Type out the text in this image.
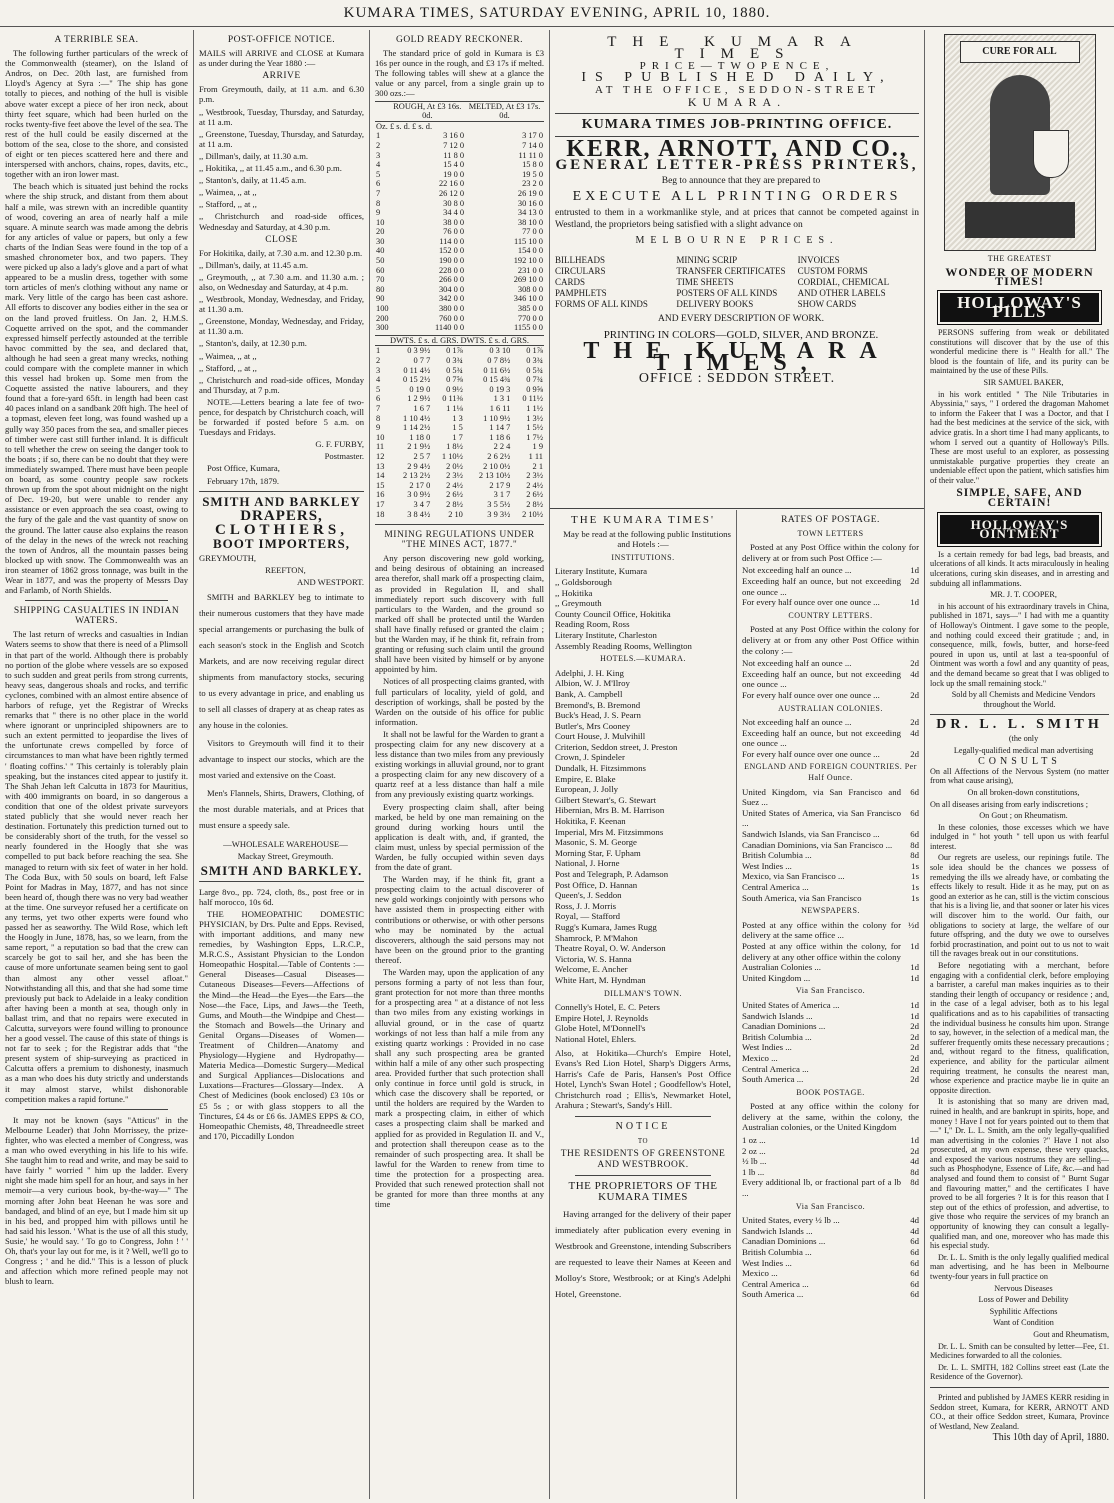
KUMARA TIMES, SATURDAY EVENING, APRIL 10, 1880.
A TERRIBLE SEA.

The following further particulars of the wreck of the Commonwealth (steamer), on the Island of Andros, on Dec. 20th last, are furnished from Lloyd's Agency at Syra :—" The ship has gone totally to pieces, and nothing of the hull is visible above water except a piece of her iron neck, about thirty feet square, which had been hurled on the rocks twenty-five feet above the level of the sea. The rest of the hull could be easily discerned at the bottom of the sea, close to the shore, and consisted of eight or ten pieces scattered here and there and interspersed with anchors, chains, ropes, davits, etc., together with an iron lower mast.

The beach which is situated just behind the rocks where the ship struck, and distant from them about half a mile, was strewn with an incredible quantity of wood, covering an area of nearly half a mile square. A minute search was made among the debris for any articles of value or papers, but only a few charts of the Indian Seas were found in the top of a smashed chronometer box, and two papers. They were picked up also a lady's glove and a part of what appeared to be a muslin dress, together with some torn articles of men's clothing without any name or mark. Very little of the cargo has been cast ashore. All efforts to discover any bodies either in the sea or on the land proved fruitless. On Jan. 2, H.M.S. Coquette arrived on the spot, and the commander expressed himself perfectly astounded at the terrible havoc committed by the sea, and declared that, although he had seen a great many wrecks, nothing could compare with the complete manner in which this vessel had broken up. Some men from the Coquette assisted the native labourers, and they found that a fore-yard 65ft. in length had been cast 40 paces inland on a sandbank 20ft high. The heel of a topmast, eleven feet long, was found washed up a gully way 350 paces from the sea, and smaller pieces of timber were cast still further inland. It is difficult to tell whether the crew on seeing the danger took to the boats ; if so, there can be no doubt that they were immediately swamped. There must have been people on board, as some country people saw rockets thrown up from the spot about midnight on the night of Dec. 19-20, but were unable to render any assistance or even approach the sea coast, owing to the fury of the gale and the vast quantity of snow on the ground. The latter cause also explains the reason of the delay in the news of the wreck not reaching the town of Andros, all the mountain passes being blocked up with snow. The Commonwealth was an iron steamer of 1862 gross tonnage, was built in the Wear in 1877, and was the property of Messrs Day and Farlamb, of North Shields.

SHIPPING CASUALTIES IN INDIAN WATERS.

The last return of wrecks and casualties in Indian Waters seems to show that there is need of a Plimsoll in that part of the world. Although there is probably no portion of the globe where vessels are so exposed to such sudden and great perils from strong currents, heavy seas, dangerous shoals and rocks, and terrific cyclones, combined with an almost entire absence of harbors of refuge, yet the Registrar of Wrecks remarks that " there is no other place in the world where ignorant or unprincipled shipowners are to such an extent permitted to jeopardise the lives of the unfortunate crews compelled by force of circumstances to man what have been rightly termed ' floating coffins.' " This certainly is tolerably plain speaking, but the instances cited appear to justify it. The Shah Jehan left Calcutta in 1873 for Mauritius, with 400 immigrants on board, in so dangerous a condition that one of the oldest private surveyors stated publicly that she would never reach her destination. Fortunately this prediction turned out to be considerably short of the truth, for the vessel so nearly foundered in the Hoogly that she was compelled to put back before reaching the sea. She managed to return with six feet of water in her hold. The Coda Bux, with 50 souls on board, left False Point for Madras in May, 1877, and has not since been heard of, though there was no very bad weather at the time. One surveyor refused her a certificate on any terms, yet two other experts were found who passed her as seaworthy. The Wild Rose, which left the Hoogly in June, 1878, has, so we learn, from the same report, " a reputation so bad that the crew can scarcely be got to sail her, and she has been the cause of more unfortunate seamen being sent to gaol than almost any other vessel afloat." Notwithstanding all this, and that she had some time previously put back to Adelaide in a leaky condition after having been a month at sea, though only in ballast trim, and that no repairs were executed in Calcutta, surveyors were found willing to pronounce her a good vessel. The cause of this state of things is not far to seek ; for the Registrar adds that "the present system of ship-surveying as practiced in Calcutta offers a premium to dishonesty, inasmuch as a man who does his duty strictly and understands it may almost starve, whilst dishonorable competition makes a rapid fortune."

It may not be known (says "Atticus" in the Melbourne Leader) that John Morrissey, the prize-fighter, who was elected a member of Congress, was a man who owed everything in his life to his wife. She taught him to read and write, and may be said to have fairly " worried " him up the ladder. Every night she made him spell for an hour, and says in her memoir—a very curious book, by-the-way—" The morning after John beat Heenan he was sore and bandaged, and blind of an eye, but I made him sit up in his bed, and propped him with pillows until he had said his lesson. ' What is the use of all this study, Susie,' he would say. ' To go to Congress, John ! ' ' Oh, that's your lay out for me, is it ? Well, we'll go to Congress ; ' and he did." This is a lesson of pluck and affection which more refined people may not blush to learn.

POST-OFFICE NOTICE.

MAILS will ARRIVE and CLOSE at Kumara as under during the Year 1880 :—

ARRIVE

From Greymouth, daily, at 11 a.m. and 6.30 p.m.

,, Westbrook, Tuesday, Thursday, and Saturday, at 11 a.m.

,, Greenstone, Tuesday, Thursday, and Saturday, at 11 a.m.

,, Dillman's, daily, at 11.30 a.m.

,, Hokitika, ,, at 11.45 a.m., and 6.30 p.m.

,, Stanton's, daily, at 11.45 a.m.

,, Waimea, ,, at ,,

,, Stafford, ,, at ,,

,, Christchurch and road-side offices, Wednesday and Saturday, at 4.30 p.m.

CLOSE

For Hokitika, daily, at 7.30 a.m. and 12.30 p.m.

,, Dillman's, daily, at 11.45 a.m.

,, Greymouth, ,, at 7.30 a.m. and 11.30 a.m. ; also, on Wednesday and Saturday, at 4 p.m.

,, Westbrook, Monday, Wednesday, and Friday, at 11.30 a.m.

,, Greenstone, Monday, Wednesday, and Friday, at 11.30 a.m.

,, Stanton's, daily, at 12.30 p.m.

,, Waimea, ,, at ,,

,, Stafford, ,, at ,,

,, Christchurch and road-side offices, Monday and Thursday, at 7 p.m.

NOTE.—Letters bearing a late fee of two-pence, for despatch by Christchurch coach, will be forwarded if posted before 5 a.m. on Tuesdays and Fridays.

G. F. FURBY,

Postmaster.

Post Office, Kumara,

February 17th, 1879.

SMITH AND BARKLEY
DRAPERS,
CLOTHIERS,
BOOT IMPORTERS,

GREYMOUTH,

REEFTON,

AND WESTPORT.

SMITH and BARKLEY beg to intimate to their numerous customers that they have made special arrangements or purchasing the bulk of each season's stock in the English and Scotch Markets, and are now receiving regular direct shipments from manufactory stocks, securing to us every advantage in price, and enabling us to sell all classes of drapery at as cheap rates as any house in the colonies.

Visitors to Greymouth will find it to their advantage to inspect our stocks, which are the most varied and extensive on the Coast.

Men's Flannels, Shirts, Drawers, Clothing, of the most durable materials, and at Prices that must ensure a speedy sale.

—WHOLESALE WAREHOUSE—

Mackay Street, Greymouth.

SMITH AND BARKLEY.

Large 8vo., pp. 724, cloth, 8s., post free or in half morocco, 10s 6d.

THE HOMEOPATHIC DOMESTIC PHYSICIAN, by Drs. Pulte and Epps. Revised, with important additions, and many new remedies, by Washington Epps, L.R.C.P., M.R.C.S., Assistant Physician to the London Homeopathic Hospital.—Table of Contents :—General Diseases—Casual Diseases—Cutaneous Diseases—Fevers—Affections of the Mind—the Head—the Eyes—the Ears—the Nose—the Face, Lips, and Jaws—the Teeth, Gums, and Mouth—the Windpipe and Chest—the Stomach and Bowels—the Urinary and Genital Organs—Diseases of Women—Treatment of Children—Anatomy and Physiology—Hygiene and Hydropathy—Materia Medica—Domestic Surgery—Medical and Surgical Appliances—Dislocations and Luxations—Fractures—Glossary—Index. A Chest of Medicines (book enclosed) £3 10s or £5 5s ; or with glass stoppers to all the Tinctures, £4 4s or £6 6s. JAMES EPPS & CO, Homeopathic Chemists, 48, Threadneedle street and 170, Piccadilly London

GOLD READY RECKONER.

The standard price of gold in Kumara is £3 16s per ounce in the rough, and £3 17s if melted. The following tables will shew at a glance the value or any parcel, from a single grain up to 300 ozs.:—

	ROUGH, At £3 16s. 0d.	MELTED, At £3 17s. 0d.
Oz. £ s. d. £ s. d.		
1	3 16 0	3 17 0
2	7 12 0	7 14 0
3	11 8 0	11 11 0
4	15 4 0	15 8 0
5	19 0 0	19 5 0
6	22 16 0	23 2 0
7	26 12 0	26 19 0
8	30 8 0	30 16 0
9	34 4 0	34 13 0
10	38 0 0	38 10 0
20	76 0 0	77 0 0
30	114 0 0	115 10 0
40	152 0 0	154 0 0
50	190 0 0	192 10 0
60	228 0 0	231 0 0
70	266 0 0	269 10 0
80	304 0 0	308 0 0
90	342 0 0	346 10 0
100	380 0 0	385 0 0
200	760 0 0	770 0 0
300	1140 0 0	1155 0 0
DWTS. £ s. d. GRS. DWTS. £ s. d. GRS.				
1	0 3 9½	0 1⅞	0 3 10	0 1⅞
2	0 7 7	0 3¾	0 7 8½	0 3¾
3	0 11 4½	0 5¾	0 11 6½	0 5¾
4	0 15 2½	0 7⅝	0 15 4¾	0 7¾
5	0 19 0	0 9½	0 19 3	0 9⅝
6	1 2 9½	0 11⅜	1 3 1	0 11½
7	1 6 7	1 1⅛	1 6 11	1 1½
8	1 10 4½	1 3	1 10 9½	1 3½
9	1 14 2½	1 5	1 14 7	1 5½
10	1 18 0	1 7	1 18 6	1 7½
11	2 1 9½	1 8½	2 2 4	1 9
12	2 5 7	1 10½	2 6 2½	1 11
13	2 9 4½	2 0½	2 10 0½	2 1
14	2 13 2½	2 3½	2 13 10½	2 3½
15	2 17 0	2 4½	2 17 9	2 4½
16	3 0 9½	2 6½	3 1 7	2 6½
17	3 4 7	2 8½	3 5 5½	2 8½
18	3 8 4½	2 10	3 9 3½	2 10½
MINING REGULATIONS UNDER "THE MINES ACT, 1877."

Any person discovering new gold working, and being desirous of obtaining an increased area therefor, shall mark off a prospecting claim, as provided in Regulation II, and shall immediately report such discovery with full particulars to the Warden, and the ground so marked off shall be protected until the Warden shall have finally refused or granted the claim ; but the Warden may, if he think fit, refrain from granting or refusing such claim until the ground shall have been visited by himself or by anyone appointed by him.

Notices of all prospecting claims granted, with full particulars of locality, yield of gold, and description of workings, shall be posted by the Warden on the outside of his office for public information.

It shall not be lawful for the Warden to grant a prospecting claim for any new discovery at a less distance than two miles from any previously existing workings in alluvial ground, nor to grant a prospecting claim for any new discovery of a quartz reef at a less distance than half a mile from any previously existing quartz workings.

Every prospecting claim shall, after being marked, be held by one man remaining on the ground during working hours until the application is dealt with, and, if granted, the claim must, unless by special permission of the Warden, be fully occupied within seven days from the date of grant.

The Warden may, if he think fit, grant a prospecting claim to the actual discoverer of new gold workings conjointly with persons who have assisted them in prospecting either with contributions or otherwise, or with other persons who may be nominated by the actual discoverers, although the said persons may not have been on the ground prior to the granting thereof.

The Warden may, upon the application of any persons forming a party of not less than four, grant protection for not more than three months for a prospecting area " at a distance of not less than two miles from any existing workings in alluvial ground, or in the case of quartz workings of not less than half a mile from any existing quartz workings : Provided in no case shall any such prospecting area be granted within half a mile of any other such prospecting area. Provided further that such protection shall only continue in force until gold is struck, in which case the discovery shall be reported, or until the holders are required by the Warden to mark a prospecting claim, in either of which cases a prospecting claim shall be marked and applied for as provided in Regulation II. and V., and protection shall thereupon cease as to the remainder of such prospecting area. It shall be lawful for the Warden to renew from time to time the protection for a prospecting area. Provided that such renewed protection shall not be granted for more than three months at any time

THE KUMARA TIMES
PRICE—TWOPENCE,
IS PUBLISHED DAILY,
AT THE OFFICE, SEDDON-STREET
KUMARA.
KUMARA TIMES JOB-PRINTING OFFICE.
KERR, ARNOTT, AND CO.,
GENERAL LETTER-PRESS PRINTERS,

Beg to announce that they are prepared to

EXECUTE ALL PRINTING ORDERS

entrusted to them in a workmanlike style, and at prices that cannot be competed against in Westland, the proprietors being satisfied with a slight advance on

MELBOURNE PRICES.
BILLHEADS	MINING SCRIP	INVOICES
CIRCULARS	TRANSFER CERTIFICATES	CUSTOM FORMS
CARDS	TIME SHEETS	CORDIAL, CHEMICAL
PAMPHLETS	POSTERS OF ALL KINDS	AND OTHER LABELS
FORMS OF ALL KINDS	DELIVERY BOOKS	SHOW CARDS

AND EVERY DESCRIPTION OF WORK.

PRINTING IN COLORS—GOLD, SILVER, AND BRONZE.

THE KUMARA TIMES,
OFFICE : SEDDON STREET.
THE KUMARA TIMES'

May be read at the following public Institutions and Hotels :—

INSTITUTIONS.

Literary Institute, Kumara

,, Goldsborough

,, Hokitika

,, Greymouth

County Council Office, Hokitika

Reading Room, Ross

Literary Institute, Charleston

Assembly Reading Rooms, Wellington

HOTELS.—KUMARA.

Adelphi, J. H. King

Albion, W. J. M'Ilroy

Bank, A. Campbell

Bremond's, B. Bremond

Buck's Head, J. S. Pearn

Butler's, Mrs Cooney

Court House, J. Mulvihill

Criterion, Seddon street, J. Preston

Crown, J. Spindeler

Dundalk, H. Fitzsimmons

Empire, E. Blake

European, J. Jolly

Gilbert Stewart's, G. Stewart

Hibernian, Mrs B. M. Harrison

Hokitika, F. Keenan

Imperial, Mrs M. Fitzsimmons

Masonic, S. M. George

Morning Star, F. Upham

National, J. Horne

Post and Telegraph, P. Adamson

Post Office, D. Hannan

Queen's, J. Seddon

Ross, J. J. Morris

Royal, — Stafford

Rugg's Kumara, James Rugg

Shamrock, P. M'Mahon

Theatre Royal, O. W. Anderson

Victoria, W. S. Hanna

Welcome, E. Ancher

White Hart, M. Hyndman

DILLMAN'S TOWN.

Connelly's Hotel, E. C. Peters

Empire Hotel, J. Reynolds

Globe Hotel, M'Donnell's

National Hotel, Ehlers.

Also, at Hokitika—Church's Empire Hotel, Evans's Red Lion Hotel, Sharp's Diggers Arms, Harris's Cafe de Paris, Hansen's Post Office Hotel, Lynch's Swan Hotel ; Goodfellow's Hotel, Christchurch road ; Ellis's, Newmarket Hotel, Arahura ; Stewart's, Sandy's Hill.

NOTICE
TO
THE RESIDENTS OF GREENSTONE AND WESTBROOK.
THE PROPRIETORS OF THE KUMARA TIMES

Having arranged for the delivery of their paper immediately after publication every evening in Westbrook and Greenstone, intending Subscribers are requested to leave their Names at Keeen and Molloy's Store, Westbrook; or at King's Adelphi Hotel, Greenstone.

RATES OF POSTAGE.
TOWN LETTERS

Posted at any Post Office within the colony for delivery at or from such Post Office :—

Not exceeding half an ounce ...	1d
Exceeding half an ounce, but not exceeding one ounce ...
2d
For every half ounce over one ounce ...	1d
COUNTRY LETTERS.

Posted at any Post Office within the colony for delivery at or from any other Post Office within the colony :—

Not exceeding half an ounce ...	2d
Exceeding half an ounce, but not exceeding one ounce ...
4d
For every half ounce over one ounce ...	2d
AUSTRALIAN COLONIES.
Not exceeding half an ounce ...	2d
Exceeding half an ounce, but not exceeding one ounce ...
4d
For every half ounce over one ounce ...	2d
ENGLAND AND FOREIGN COUNTRIES. Per Half Ounce.
United Kingdom, via San Francisco and Suez ...
6d
United States of America, via San Francisco ...
6d
Sandwich Islands, via San Francisco ...	6d
Canadian Dominions, via San Francisco ...	8d
British Columbia ...	8d
West Indies ...	1s
Mexico, via San Francisco ...	1s
Central America ...	1s
South America, via San Francisco	1s
NEWSPAPERS.
Posted at any office within the colony for delivery at the same office ...
½d
Posted at any office within the colony, for delivery at any other office within the colony
1d
Australian Colonies ...	1d
United Kingdom ...	1d
Via San Francisco.
United States of America ...	1d
Sandwich Islands ...	1d
Canadian Dominions ...	2d
British Columbia ...	2d
West Indies ...	2d
Mexico ...	2d
Central America ...	2d
South America ...	2d
BOOK POSTAGE.

Posted at any office within the colony for delivery at the same, within the colony, the Australian colonies, or the United Kingdom

1 oz ...	1d
2 oz ...	2d
½ lb ...	4d
1 lb ...	8d
Every additional lb, or fractional part of a lb ...
8d
Via San Francisco.
United States, every ½ lb ...	4d
Sandwich Islands ...	4d
Canadian Dominions ...	6d
British Columbia ...	6d
West Indies ...	6d
Mexico ...	6d
Central America ...	6d
South America ...	6d
CURE FOR ALL
THE GREATEST
WONDER OF MODERN TIMES!
HOLLOWAY'S PILLS

PERSONS suffering from weak or debilitated constitutions will discover that by the use of this wonderful medicine there is " Health for all." The blood is the fountain of life, and its purity can be maintained by the use of these Pills.

SIR SAMUEL BAKER,

in his work entitled " The Nile Tributaries in Abyssinia," says, " I ordered the dragoman Mahomet to inform the Fakeer that I was a Doctor, and that I had the best medicines at the service of the sick, with advice gratis. In a short time I had many applicants, to whom I served out a quantity of Holloway's Pills. These are most useful to an explorer, as possessing unmistakable purgative properties they create an undeniable effect upon the patient, which satisfies him of their value."

SIMPLE, SAFE, AND CERTAIN!
HOLLOWAY'S OINTMENT

Is a certain remedy for bad legs, bad breasts, and ulcerations of all kinds. It acts miraculously in healing ulcerations, curing skin diseases, and in arresting and subduing all inflammations.

MR. J. T. COOPER,

in his account of his extraordinary travels in China, published in 1871, says—" I had with me a quantity of Holloway's Ointment. I gave some to the people, and nothing could exceed their gratitude ; and, in consequence, milk, fowls, butter, and horse-feed poured in upon us, until at last a tea-spoonful of Ointment was worth a fowl and any quantity of peas, and the demand became so great that I was obliged to lock up the small remaining stock."

Sold by all Chemists and Medicine Vendors throughout the World.

DR. L. L. SMITH

(the only

Legally-qualified medical man advertising

CONSULTS

On all Affections of the Nervous System (no matter from what cause arising),

On all broken-down constitutions,

On all diseases arising from early indiscretions ;

On Gout ; on Rheumatism.

In these colonies, those excesses which we have indulged in " hot youth " tell upon us with fearful interest.

Our regrets are useless, our repinings futile. The sole idea should be the chances we possess of remedying the ills we already have, or combating the effects likely to result. Hide it as he may, put on as good an exterior as he can, still is the victim conscious that his is a living lie, and that sooner or later his vices will discover him to the world. Our faith, our obligations to society at large, the welfare of our future offspring, and the duty we owe to ourselves forbid procrastination, and point out to us not to wait till the ravages break out in our constitutions.

Before negotiating with a merchant, before engaging with a confidential clerk, before employing a barrister, a careful man makes inquiries as to their standing their length of occupancy or residence ; and, in the case of a legal adviser, both as to his legal qualifications and as to his capabilities of transacting the individual business he consults him upon. Strange to say, however, in the selection of a medical man, the sufferer frequently omits these necessary precautions ; and, without regard to the fitness, qualification, experience, and ability for the particular ailment requiring treatment, he consults the nearest man, whose experience and practice maybe lie in quite an opposite direction.

It is astonishing that so many are driven mad, ruined in health, and are bankrupt in spirits, hope, and money ! Have I not for years pointed out to them that—" I," Dr. L. L. Smith, am the only legally-qualified man advertising in the colonies ?" Have I not also prosecuted, at my own expense, these very quacks, and exposed the various nostrums they are selling—such as Phosphodyne, Essence of Life, &c.—and had analysed and found them to consist of " Burnt Sugar and flavouring matter," and the certificates I have proved to be all forgeries ? It is for this reason that I step out of the ethics of profession, and advertise, to give those who require the services of my branch an opportunity of knowing they can consult a legally-qualified man, and one, moreover who has made this his especial study.

Dr. L. L. Smith is the only legally qualified medical man advertising, and he has been in Melbourne twenty-four years in full practice on

Nervous Diseases

Loss of Power and Debility

Syphilitic Affections

Want of Condition

Gout and Rheumatism,

Dr. L. L. Smith can be consulted by letter—Fee, £1. Medicines forwarded to all the colonies.

Dr. L. L. SMITH, 182 Collins street east (Late the Residence of the Governor).

Printed and published by JAMES KERR residing in Seddon street, Kumara, for KERR, ARNOTT AND CO., at their office Seddon street, Kumara, Province of Westland, New Zealand.

This 10th day of April, 1880.
